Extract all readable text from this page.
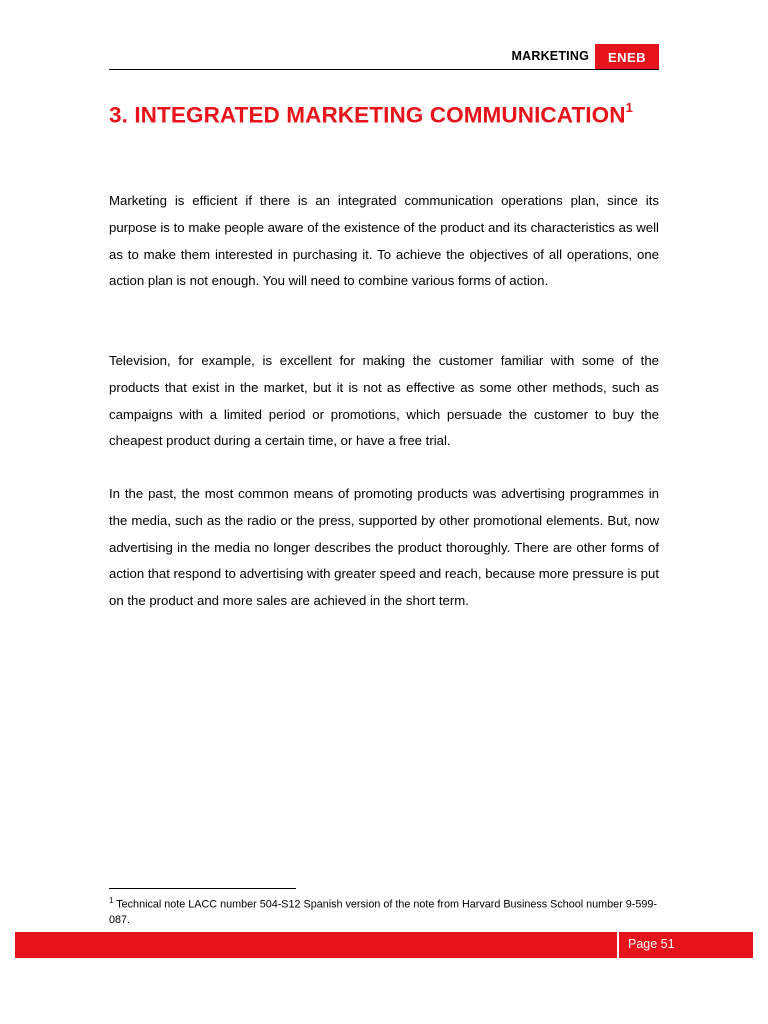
MARKETING ENEB
3. INTEGRATED MARKETING COMMUNICATION$^1$

Marketing is efficient if there is an integrated communication operations plan, since its purpose is to make people aware of the existence of the product and its characteristics as well as to make them interested in purchasing it. To achieve the objectives of all operations, one action plan is not enough. You will need to combine various forms of action.

Television, for example, is excellent for making the customer familiar with some of the products that exist in the market, but it is not as effective as some other methods, such as campaigns with a limited period or promotions, which persuade the customer to buy the cheapest product during a certain time, or have a free trial.

In the past, the most common means of promoting products was advertising programmes in the media, such as the radio or the press, supported by other promotional elements. But, now advertising in the media no longer describes the product thoroughly. There are other forms of action that respond to advertising with greater speed and reach, because more pressure is put on the product and more sales are achieved in the short term.

$^1$ Technical note LACC number 504-S12 Spanish version of the note from Harvard Business School number 9-599-087.
Page 51
